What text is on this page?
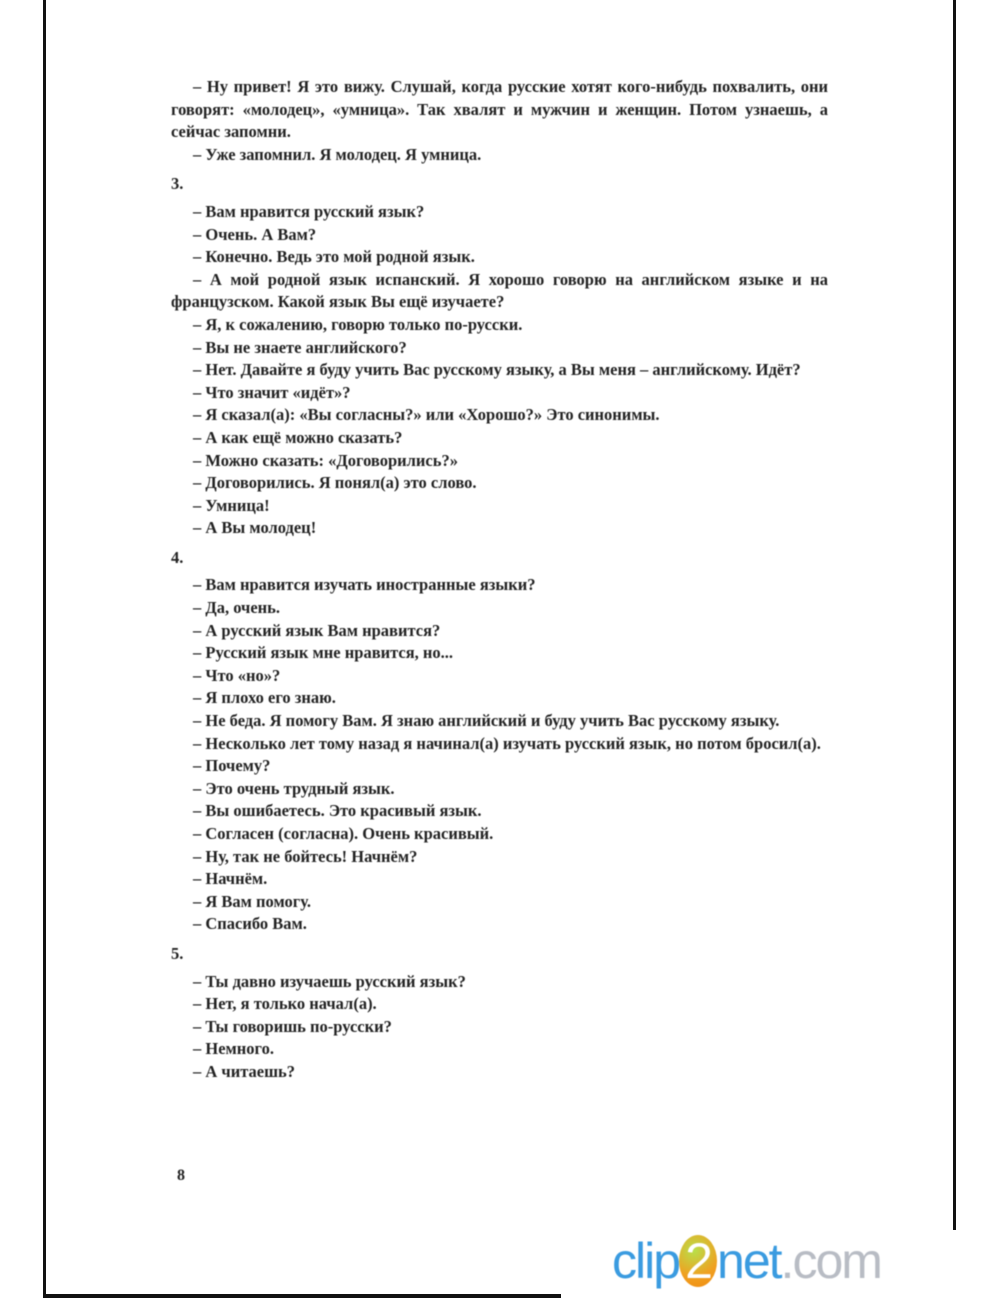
– Ну привет! Я это вижу. Слушай, когда русские хотят кого-нибудь похвалить, они говорят: «молодец», «умница». Так хвалят и мужчин и женщин. Потом узнаешь, а сейчас запомни.

– Уже запомнил. Я молодец. Я умница.

3.

– Вам нравится русский язык?

– Очень. А Вам?

– Конечно. Ведь это мой родной язык.

– А мой родной язык испанский. Я хорошо говорю на английском языке и на французском. Какой язык Вы ещё изучаете?

– Я, к сожалению, говорю только по-русски.

– Вы не знаете английского?

– Нет. Давайте я буду учить Вас русскому языку, а Вы меня – английскому. Идёт?

– Что значит «идёт»?

– Я сказал(а): «Вы согласны?» или «Хорошо?» Это синонимы.

– А как ещё можно сказать?

– Можно сказать: «Договорились?»

– Договорились. Я понял(а) это слово.

– Умница!

– А Вы молодец!

4.

– Вам нравится изучать иностранные языки?

– Да, очень.

– А русский язык Вам нравится?

– Русский язык мне нравится, но...

– Что «но»?

– Я плохо его знаю.

– Не беда. Я помогу Вам. Я знаю английский и буду учить Вас русскому языку.

– Несколько лет тому назад я начинал(а) изучать русский язык, но потом бросил(а).

– Почему?

– Это очень трудный язык.

– Вы ошибаетесь. Это красивый язык.

– Согласен (согласна). Очень красивый.

– Ну, так не бойтесь! Начнём?

– Начнём.

– Я Вам помогу.

– Спасибо Вам.

5.

– Ты давно изучаешь русский язык?

– Нет, я только начал(а).

– Ты говоришь по-русски?

– Немного.

– А читаешь?

8
clip 2 net.com
